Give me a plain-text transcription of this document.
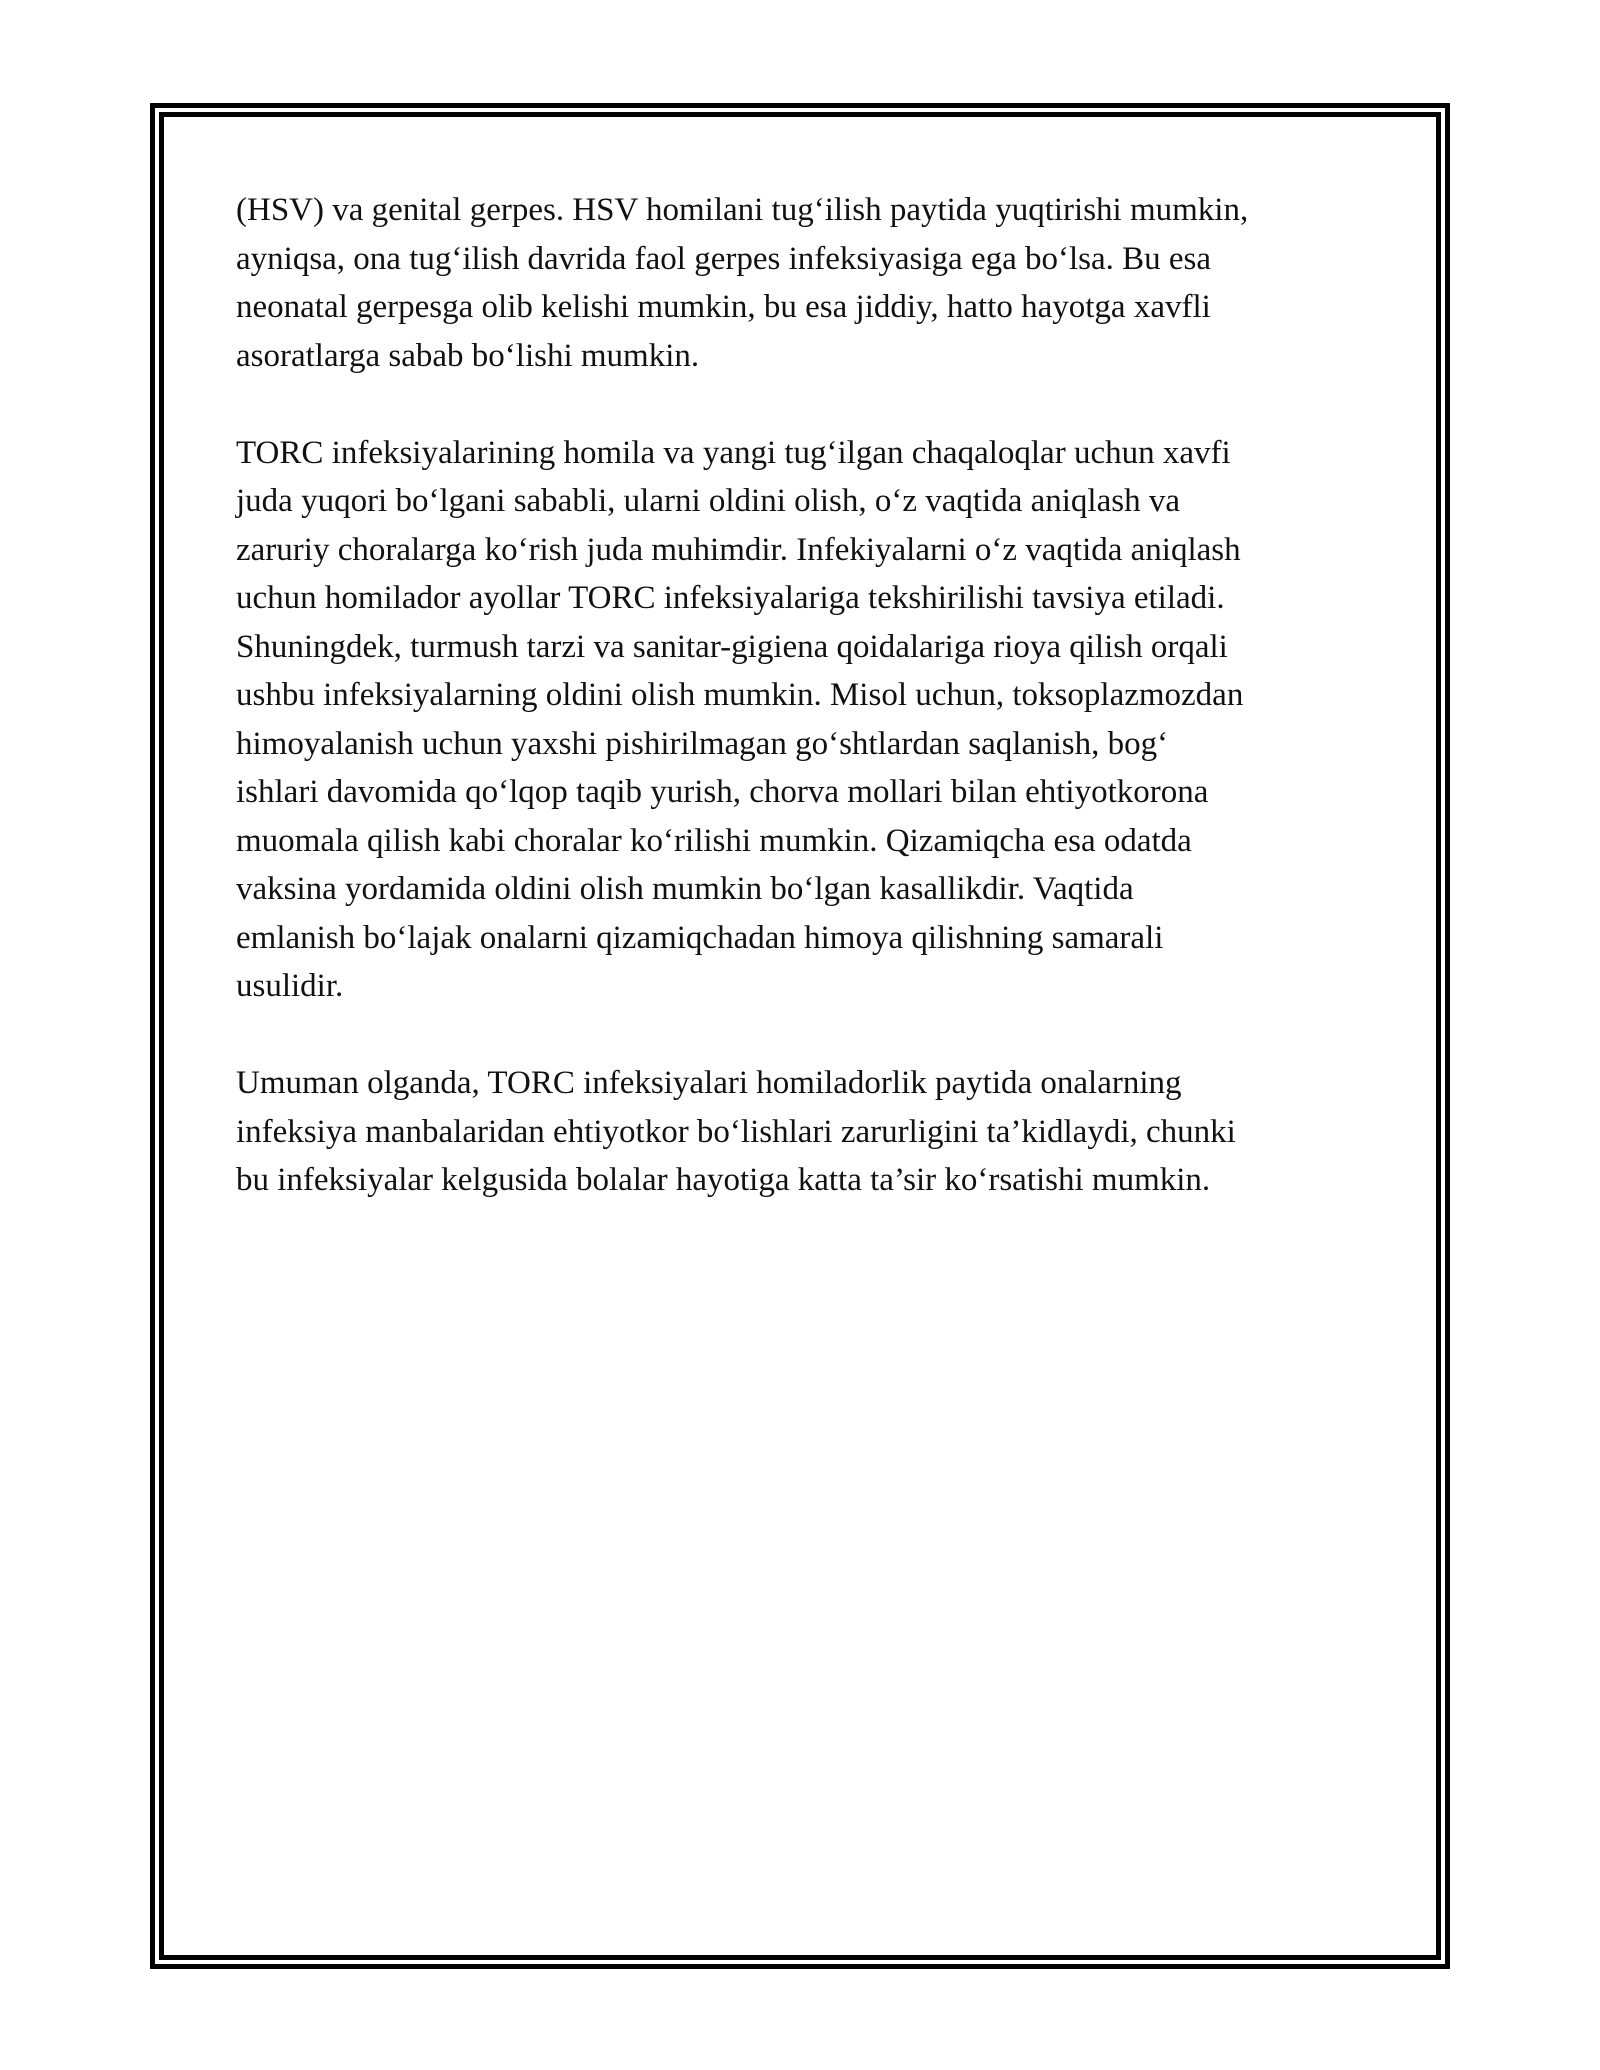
(HSV) va genital gerpes. HSV homilani tug‘ilish paytida yuqtirishi mumkin,
ayniqsa, ona tug‘ilish davrida faol gerpes infeksiyasiga ega bo‘lsa. Bu esa
neonatal gerpesga olib kelishi mumkin, bu esa jiddiy, hatto hayotga xavfli
asoratlarga sabab bo‘lishi mumkin.

TORC infeksiyalarining homila va yangi tug‘ilgan chaqaloqlar uchun xavfi
juda yuqori bo‘lgani sababli, ularni oldini olish, o‘z vaqtida aniqlash va
zaruriy choralarga ko‘rish juda muhimdir. Infekiyalarni o‘z vaqtida aniqlash
uchun homilador ayollar TORC infeksiyalariga tekshirilishi tavsiya etiladi.
Shuningdek, turmush tarzi va sanitar-gigiena qoidalariga rioya qilish orqali
ushbu infeksiyalarning oldini olish mumkin. Misol uchun, toksoplazmozdan
himoyalanish uchun yaxshi pishirilmagan go‘shtlardan saqlanish, bog‘
ishlari davomida qo‘lqop taqib yurish, chorva mollari bilan ehtiyotkorona
muomala qilish kabi choralar ko‘rilishi mumkin. Qizamiqcha esa odatda
vaksina yordamida oldini olish mumkin bo‘lgan kasallikdir. Vaqtida
emlanish bo‘lajak onalarni qizamiqchadan himoya qilishning samarali
usulidir.

Umuman olganda, TORC infeksiyalari homiladorlik paytida onalarning
infeksiya manbalaridan ehtiyotkor bo‘lishlari zarurligini ta’kidlaydi, chunki
bu infeksiyalar kelgusida bolalar hayotiga katta ta’sir ko‘rsatishi mumkin.
